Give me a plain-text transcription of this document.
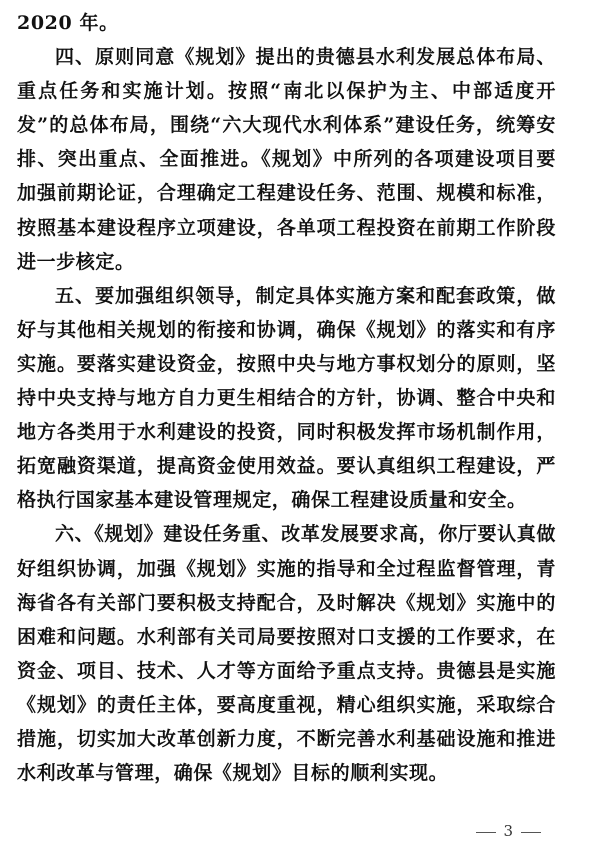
2020 年。

四、原则同意《规划》提出的贵德县水利发展总体布局、重点任务和实施计划。按照“南北以保护为主、中部适度开发”的总体布局，围绕“六大现代水利体系”建设任务，统筹安排、突出重点、全面推进。《规划》中所列的各项建设项目要加强前期论证，合理确定工程建设任务、范围、规模和标准，按照基本建设程序立项建设，各单项工程投资在前期工作阶段进一步核定。

五、要加强组织领导，制定具体实施方案和配套政策，做好与其他相关规划的衔接和协调，确保《规划》的落实和有序实施。要落实建设资金，按照中央与地方事权划分的原则，坚持中央支持与地方自力更生相结合的方针，协调、整合中央和地方各类用于水利建设的投资，同时积极发挥市场机制作用，拓宽融资渠道，提高资金使用效益。要认真组织工程建设，严格执行国家基本建设管理规定，确保工程建设质量和安全。

六、《规划》建设任务重、改革发展要求高，你厅要认真做好组织协调，加强《规划》实施的指导和全过程监督管理，青海省各有关部门要积极支持配合，及时解决《规划》实施中的困难和问题。水利部有关司局要按照对口支援的工作要求，在资金、项目、技术、人才等方面给予重点支持。贵德县是实施《规划》的责任主体，要高度重视，精心组织实施，采取综合措施，切实加大改革创新力度，不断完善水利基础设施和推进水利改革与管理，确保《规划》目标的顺利实现。

3
